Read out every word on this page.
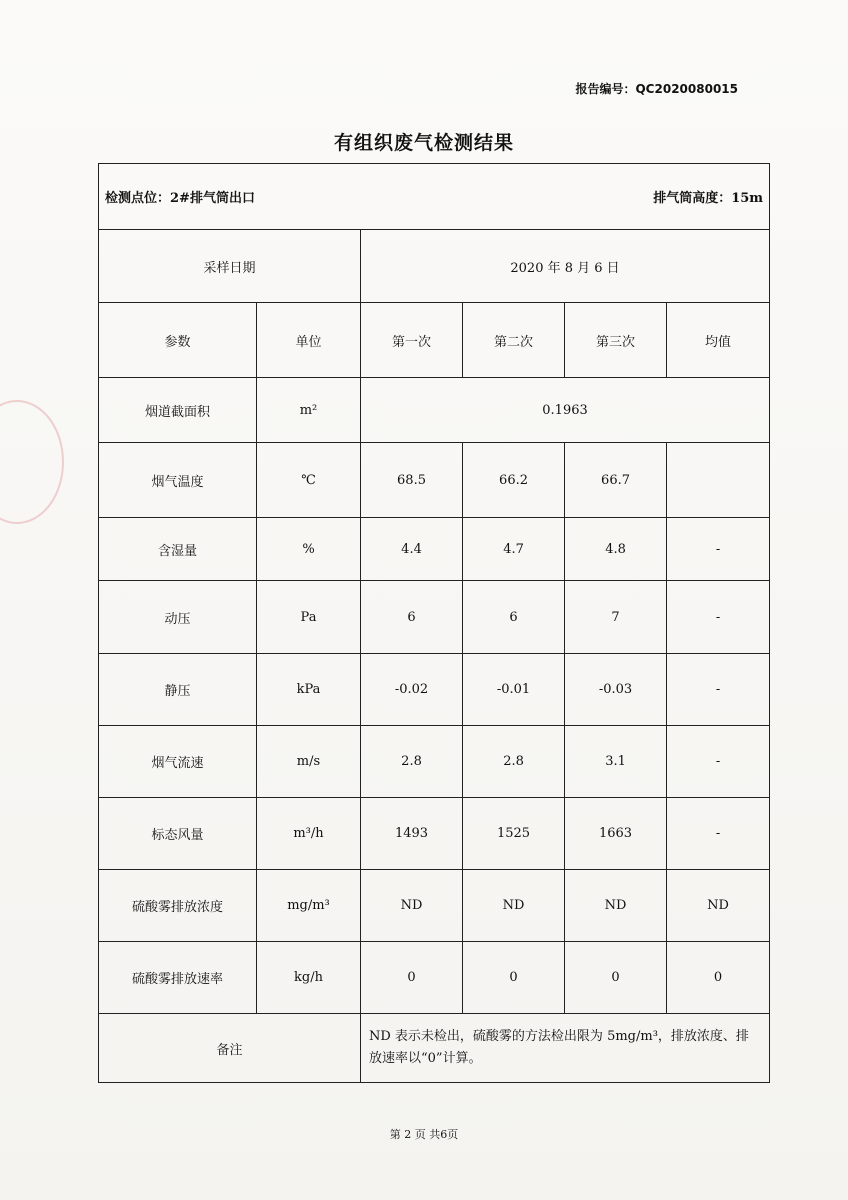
报告编号：QC2020080015
有组织废气检测结果
检测点位：2#排气筒出口			排气筒高度：15m		
采样日期		2020 年 8 月 6 日			
参数	单位	第一次	第二次	第三次	均值
烟道截面积	m²	0.1963			
烟气温度	℃	68.5	66.2	66.7	
含湿量	%	4.4	4.7	4.8	-
动压	Pa	6	6	7	-
静压	kPa	-0.02	-0.01	-0.03	-
烟气流速	m/s	2.8	2.8	3.1	-
标态风量	m³/h	1493	1525	1663	-
硫酸雾排放浓度	mg/m³	ND	ND	ND	ND
硫酸雾排放速率	kg/h	0	0	0	0
备注		ND 表示未检出，硫酸雾的方法检出限为 5mg/m³，排放浓度、排放速率以“0”计算。			
第 2 页 共6页
